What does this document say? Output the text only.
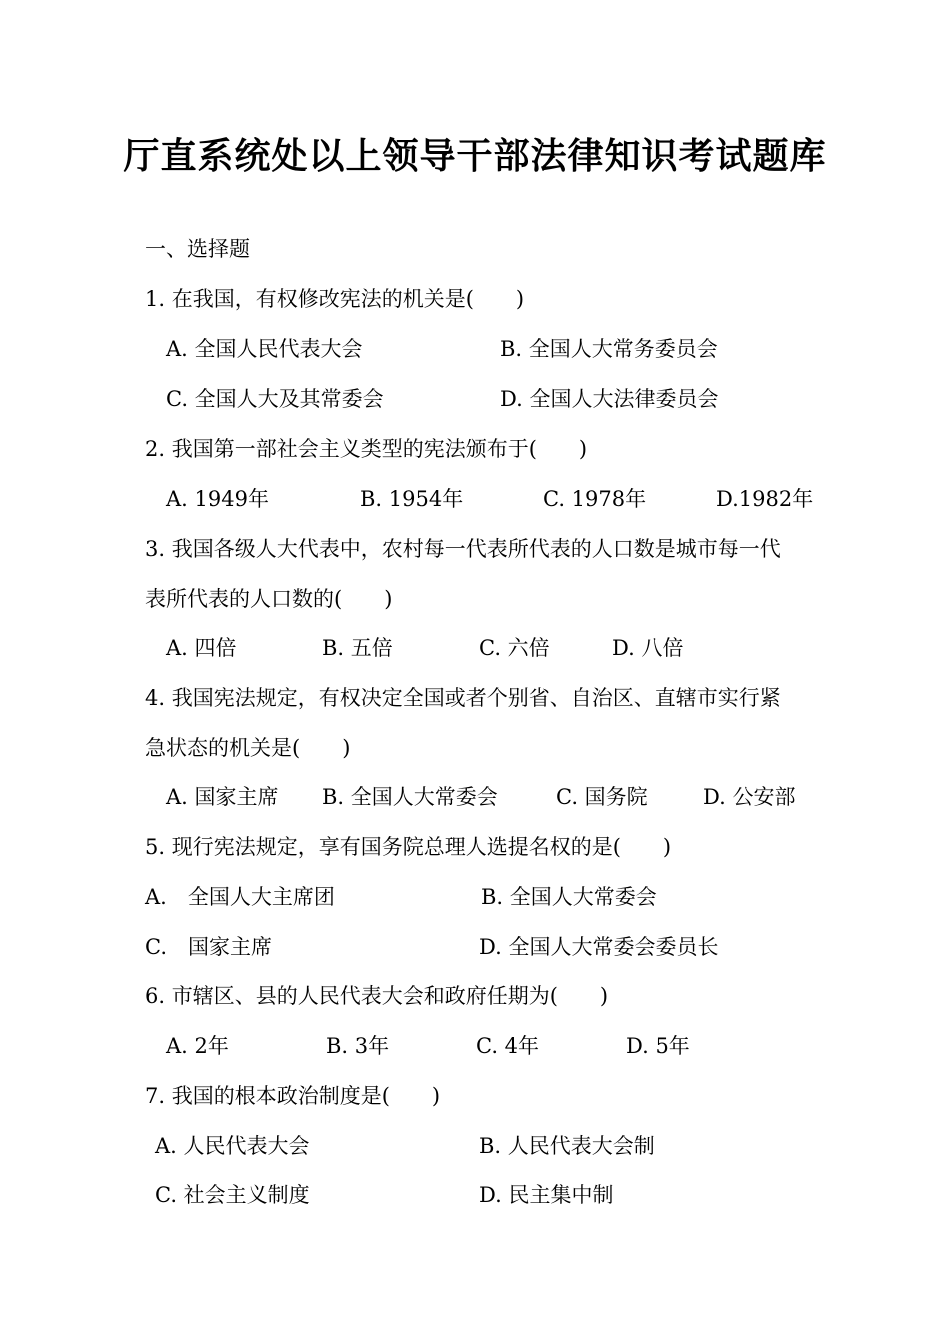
厅直系统处以上领导干部法律知识考试题库
一、选择题
1. 在我国，有权修改宪法的机关是(　　)
A. 全国人民代表大会	B. 全国人大常务委员会
C. 全国人大及其常委会	D. 全国人大法律委员会
2. 我国第一部社会主义类型的宪法颁布于(　　)
A. 1949年	B. 1954年	C. 1978年	D.1982年
3. 我国各级人大代表中，农村每一代表所代表的人口数是城市每一代
表所代表的人口数的(　　)
A. 四倍	B. 五倍	C. 六倍	D. 八倍
4. 我国宪法规定，有权决定全国或者个别省、自治区、直辖市实行紧
急状态的机关是(　　)
A. 国家主席 B. 全国人大常委会	C. 国务院	D. 公安部
5. 现行宪法规定，享有国务院总理人选提名权的是(　　)
A.　全国人大主席团	B. 全国人大常委会
C.　国家主席	D. 全国人大常委会委员长
6. 市辖区、县的人民代表大会和政府任期为(　　)
A. 2年	B. 3年	C. 4年	D. 5年
7. 我国的根本政治制度是(　　)
A. 人民代表大会	B. 人民代表大会制
C. 社会主义制度	D. 民主集中制
